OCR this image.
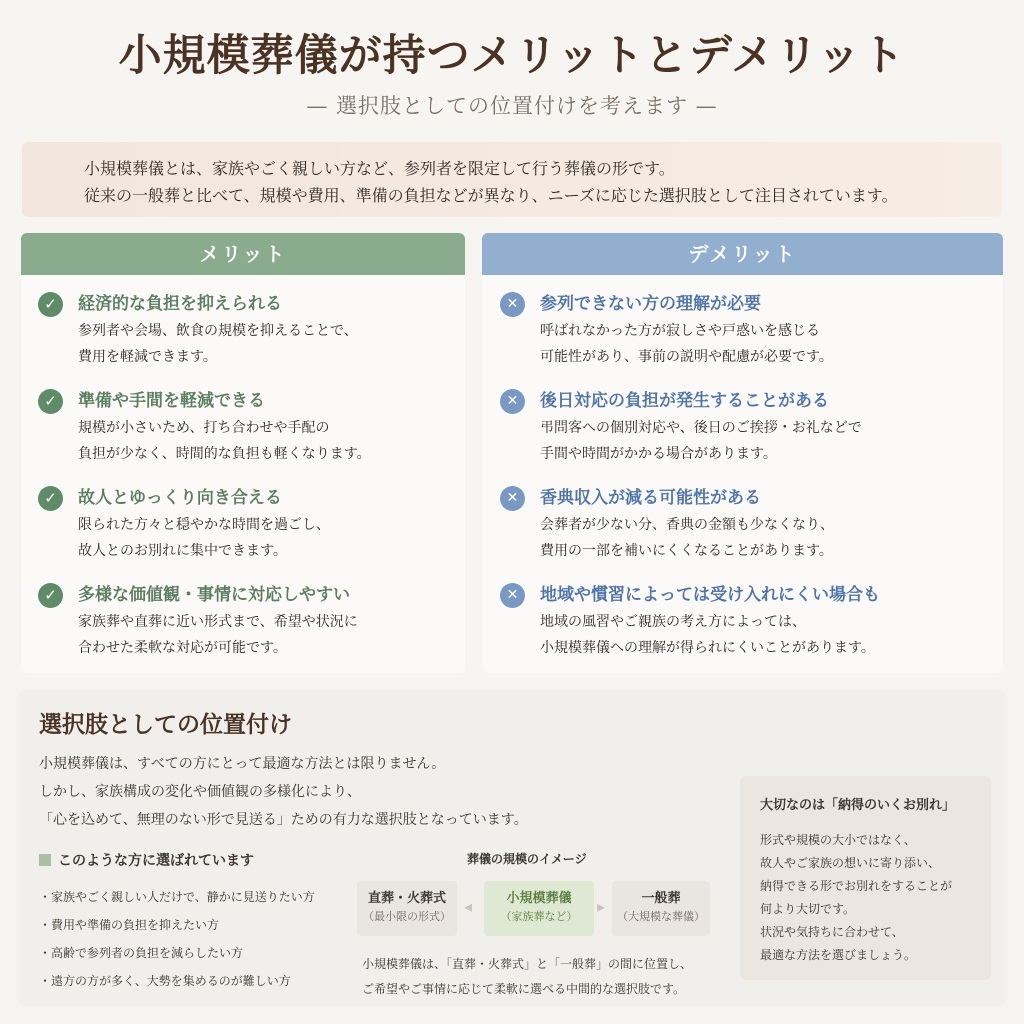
小規模葬儀が持つメリットとデメリット
— 選択肢としての位置付けを考えます —
小規模葬儀とは、家族やごく親しい方など、参列者を限定して行う葬儀の形です。
従来の一般葬と比べて、規模や費用、準備の負担などが異なり、ニーズに応じた選択肢として注目されています。
メリット
✓	経済的な負担を抑えられる
参列者や会場、飲食の規模を抑えることで、
費用を軽減できます。
✓	準備や手間を軽減できる
規模が小さいため、打ち合わせや手配の
負担が少なく、時間的な負担も軽くなります。
✓	故人とゆっくり向き合える
限られた方々と穏やかな時間を過ごし、
故人とのお別れに集中できます。
✓	多様な価値観・事情に対応しやすい
家族葬や直葬に近い形式まで、希望や状況に
合わせた柔軟な対応が可能です。
デメリット
✕	参列できない方の理解が必要
呼ばれなかった方が寂しさや戸惑いを感じる
可能性があり、事前の説明や配慮が必要です。
✕	後日対応の負担が発生することがある
弔問客への個別対応や、後日のご挨拶・お礼などで
手間や時間がかかる場合があります。
✕	香典収入が減る可能性がある
会葬者が少ない分、香典の金額も少なくなり、
費用の一部を補いにくくなることがあります。
✕	地域や慣習によっては受け入れにくい場合も
地域の風習やご親族の考え方によっては、
小規模葬儀への理解が得られにくいことがあります。
選択肢としての位置付け
小規模葬儀は、すべての方にとって最適な方法とは限りません。
しかし、家族構成の変化や価値観の多様化により、
「心を込めて、無理のない形で見送る」ための有力な選択肢となっています。
このような方に選ばれています
・家族やごく親しい人だけで、静かに見送りたい方
・費用や準備の負担を抑えたい方
・高齢で参列者の負担を減らしたい方
・遠方の方が多く、大勢を集めるのが難しい方
葬儀の規模のイメージ
直葬・火葬式
（最小限の形式）
◂	小規模葬儀
（家族葬など）
▸	一般葬
（大規模な葬儀）
小規模葬儀は、「直葬・火葬式」と「一般葬」の間に位置し、
ご希望やご事情に応じて柔軟に選べる中間的な選択肢です。
大切なのは「納得のいくお別れ」
形式や規模の大小ではなく、
故人やご家族の想いに寄り添い、
納得できる形でお別れをすることが
何より大切です。
状況や気持ちに合わせて、
最適な方法を選びましょう。
